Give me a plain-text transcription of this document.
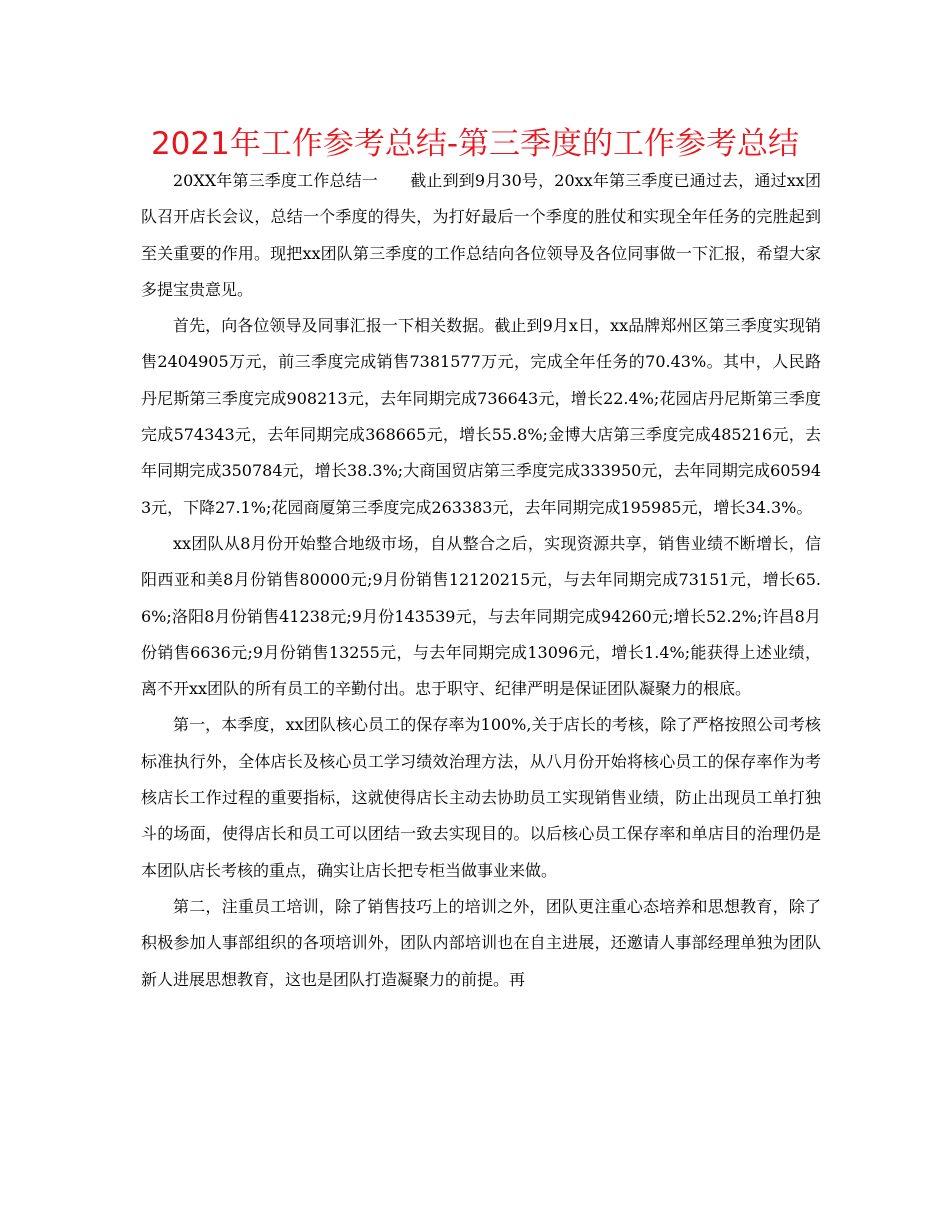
2021年工作参考总结-第三季度的工作参考总结

20XX年第三季度工作总结一　　截止到到9月30号，20xx年第三季度已通过去，通过xx团队召开店长会议，总结一个季度的得失，为打好最后一个季度的胜仗和实现全年任务的完胜起到至关重要的作用。现把xx团队第三季度的工作总结向各位领导及各位同事做一下汇报，希望大家多提宝贵意见。

首先，向各位领导及同事汇报一下相关数据。截止到9月x日，xx品牌郑州区第三季度实现销售2404905万元，前三季度完成销售7381577万元，完成全年任务的70.43%。其中，人民路丹尼斯第三季度完成908213元，去年同期完成736643元，增长22.4%;花园店丹尼斯第三季度完成574343元，去年同期完成368665元，增长55.8%;金博大店第三季度完成485216元，去年同期完成350784元，增长38.3%;大商国贸店第三季度完成333950元，去年同期完成605943元，下降27.1%;花园商厦第三季度完成263383元，去年同期完成195985元，增长34.3%。

xx团队从8月份开始整合地级市场，自从整合之后，实现资源共享，销售业绩不断增长，信阳西亚和美8月份销售80000元;9月份销售12120215元，与去年同期完成73151元，增长65.6%;洛阳8月份销售41238元;9月份143539元，与去年同期完成94260元;增长52.2%;许昌8月份销售6636元;9月份销售13255元，与去年同期完成13096元，增长1.4%;能获得上述业绩，离不开xx团队的所有员工的辛勤付出。忠于职守、纪律严明是保证团队凝聚力的根底。

第一，本季度，xx团队核心员工的保存率为100%,关于店长的考核，除了严格按照公司考核标准执行外，全体店长及核心员工学习绩效治理方法，从八月份开始将核心员工的保存率作为考核店长工作过程的重要指标，这就使得店长主动去协助员工实现销售业绩，防止出现员工单打独斗的场面，使得店长和员工可以团结一致去实现目的。以后核心员工保存率和单店目的治理仍是本团队店长考核的重点，确实让店长把专柜当做事业来做。

第二，注重员工培训，除了销售技巧上的培训之外，团队更注重心态培养和思想教育，除了积极参加人事部组织的各项培训外，团队内部培训也在自主进展，还邀请人事部经理单独为团队新人进展思想教育，这也是团队打造凝聚力的前提。再
